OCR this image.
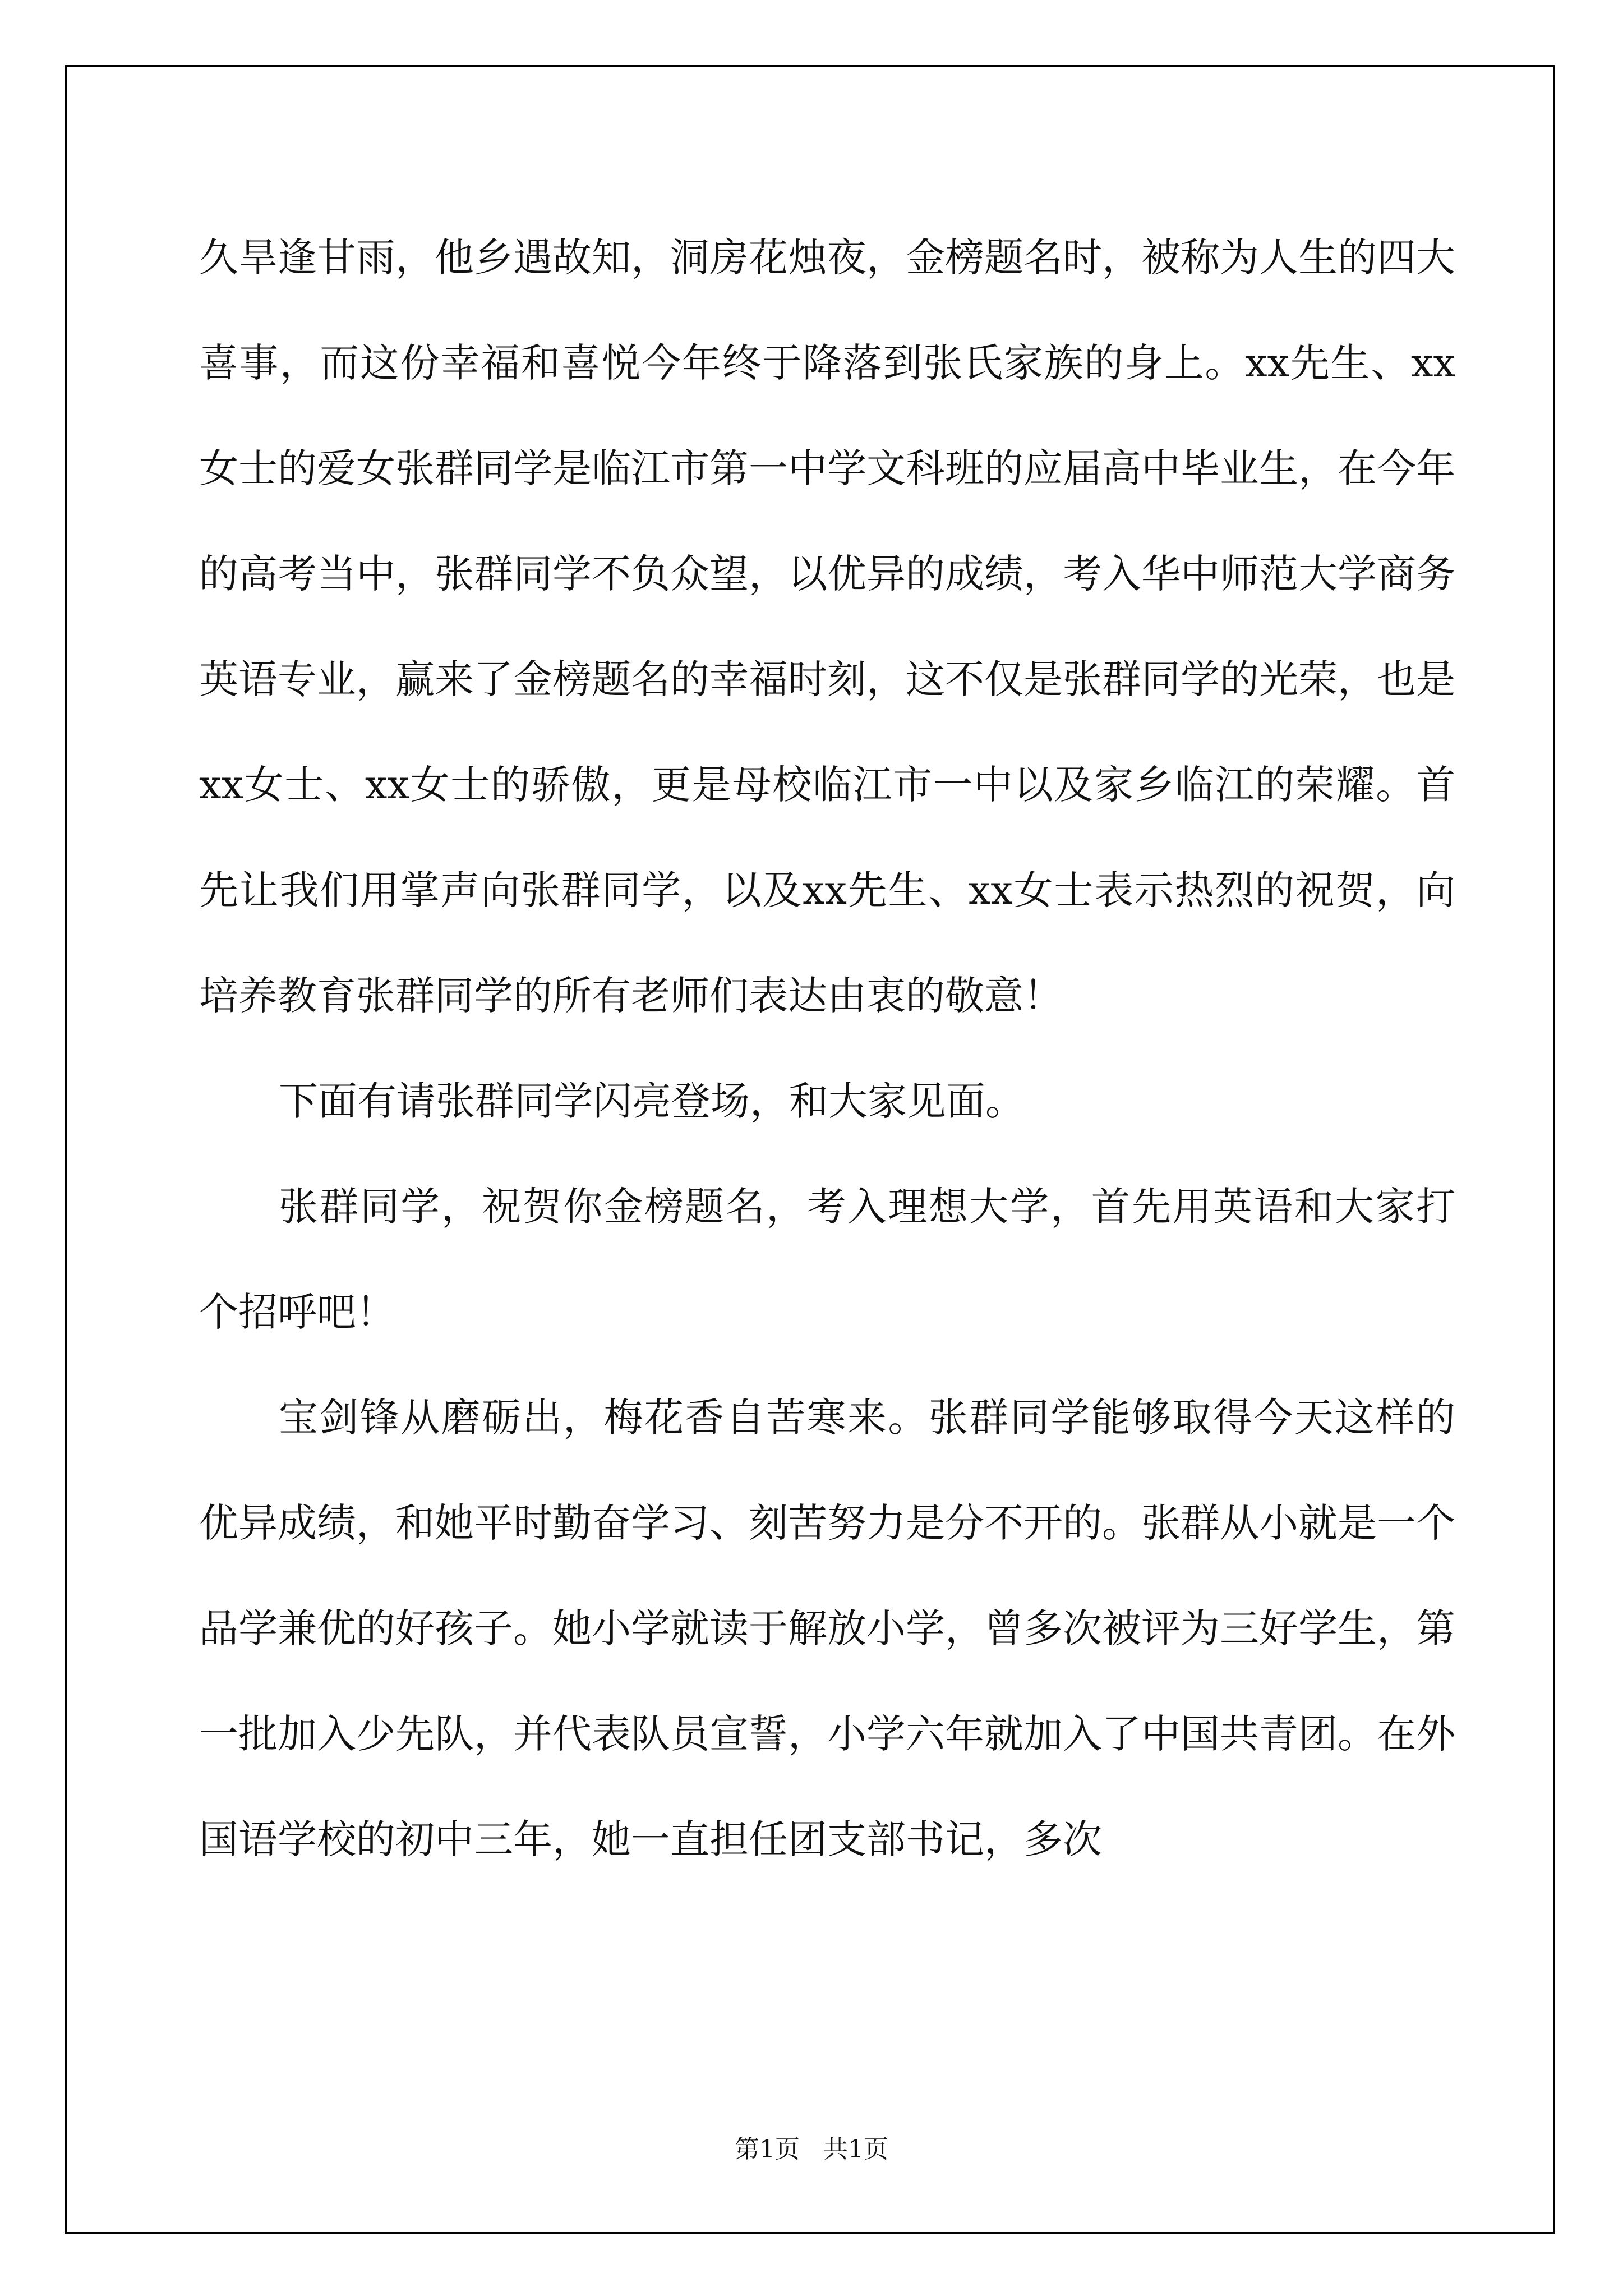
久旱逢甘雨，他乡遇故知，洞房花烛夜，金榜题名时，被称为人生的四大喜事，而这份幸福和喜悦今年终于降落到张氏家族的身上。xx先生、xx女士的爱女张群同学是临江市第一中学文科班的应届高中毕业生，在今年的高考当中，张群同学不负众望，以优异的成绩，考入华中师范大学商务英语专业，赢来了金榜题名的幸福时刻，这不仅是张群同学的光荣，也是xx女士、xx女士的骄傲，更是母校临江市一中以及家乡临江的荣耀。首先让我们用掌声向张群同学，以及xx先生、xx女士表示热烈的祝贺，向培养教育张群同学的所有老师们表达由衷的敬意！

下面有请张群同学闪亮登场，和大家见面。

张群同学，祝贺你金榜题名，考入理想大学，首先用英语和大家打个招呼吧！

宝剑锋从磨砺出，梅花香自苦寒来。张群同学能够取得今天这样的优异成绩，和她平时勤奋学习、刻苦努力是分不开的。张群从小就是一个品学兼优的好孩子。她小学就读于解放小学，曾多次被评为三好学生，第一批加入少先队，并代表队员宣誓，小学六年就加入了中国共青团。在外国语学校的初中三年，她一直担任团支部书记，多次

第1页   共1页
